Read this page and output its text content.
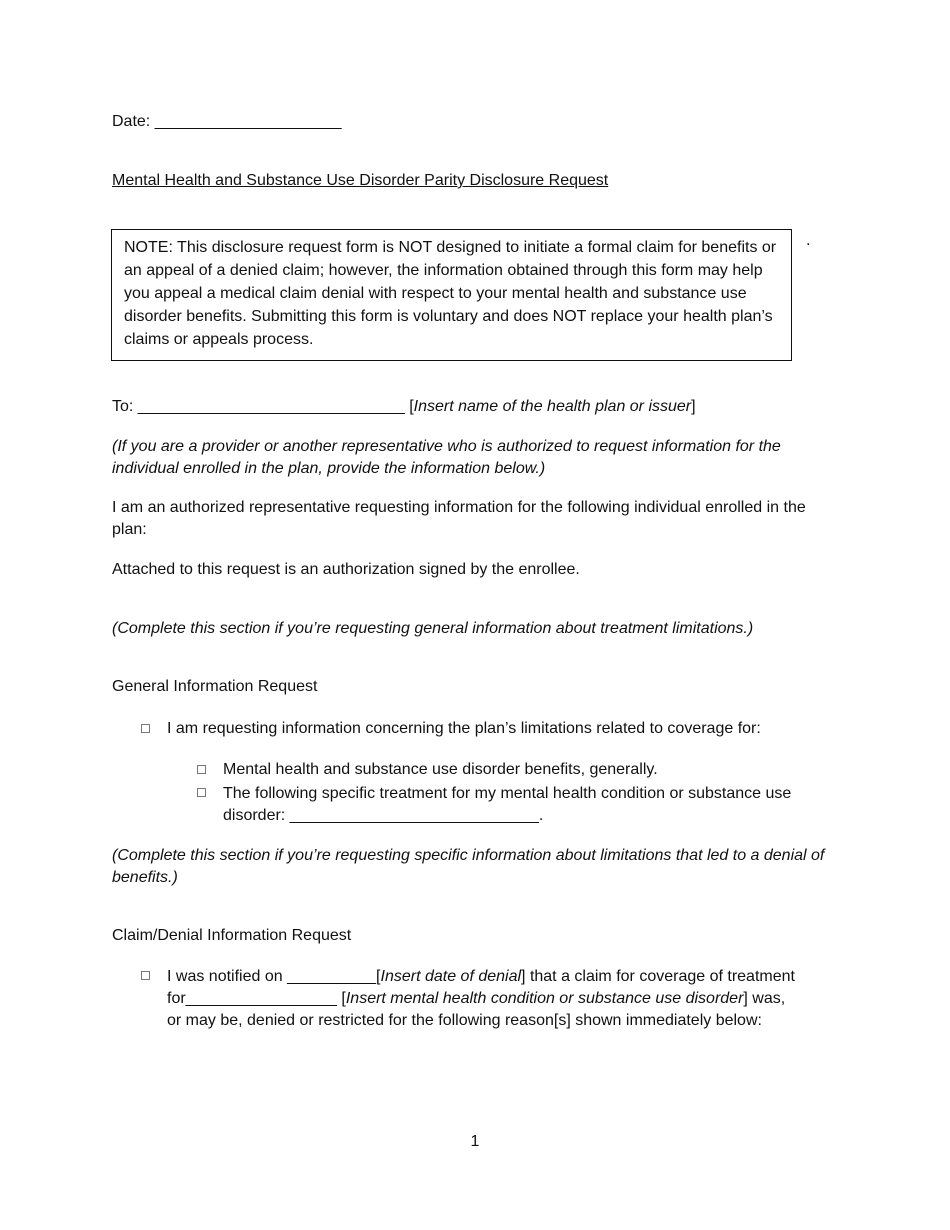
Date: _____________________
Mental Health and Substance Use Disorder Parity Disclosure Request
NOTE: This disclosure request form is NOT designed to initiate a formal claim for benefits or an appeal of a denied claim; however, the information obtained through this form may help you appeal a medical claim denial with respect to your mental health and substance use disorder benefits. Submitting this form is voluntary and does NOT replace your health plan’s claims or appeals process.
.
To: ______________________________ [Insert name of the health plan or issuer]
(If you are a provider or another representative who is authorized to request information for the individual enrolled in the plan, provide the information below.)
I am an authorized representative requesting information for the following individual enrolled in the plan:
Attached to this request is an authorization signed by the enrollee.
(Complete this section if you’re requesting general information about treatment limitations.)
General Information Request
I am requesting information concerning the plan’s limitations related to coverage for:
Mental health and substance use disorder benefits, generally.
The following specific treatment for my mental health condition or substance use disorder: ____________________________.
(Complete this section if you’re requesting specific information about limitations that led to a denial of benefits.)
Claim/Denial Information Request
I was notified on __________[Insert date of denial] that a claim for coverage of treatment for_________________ [Insert mental health condition or substance use disorder] was, or may be, denied or restricted for the following reason[s] shown immediately below:
1
